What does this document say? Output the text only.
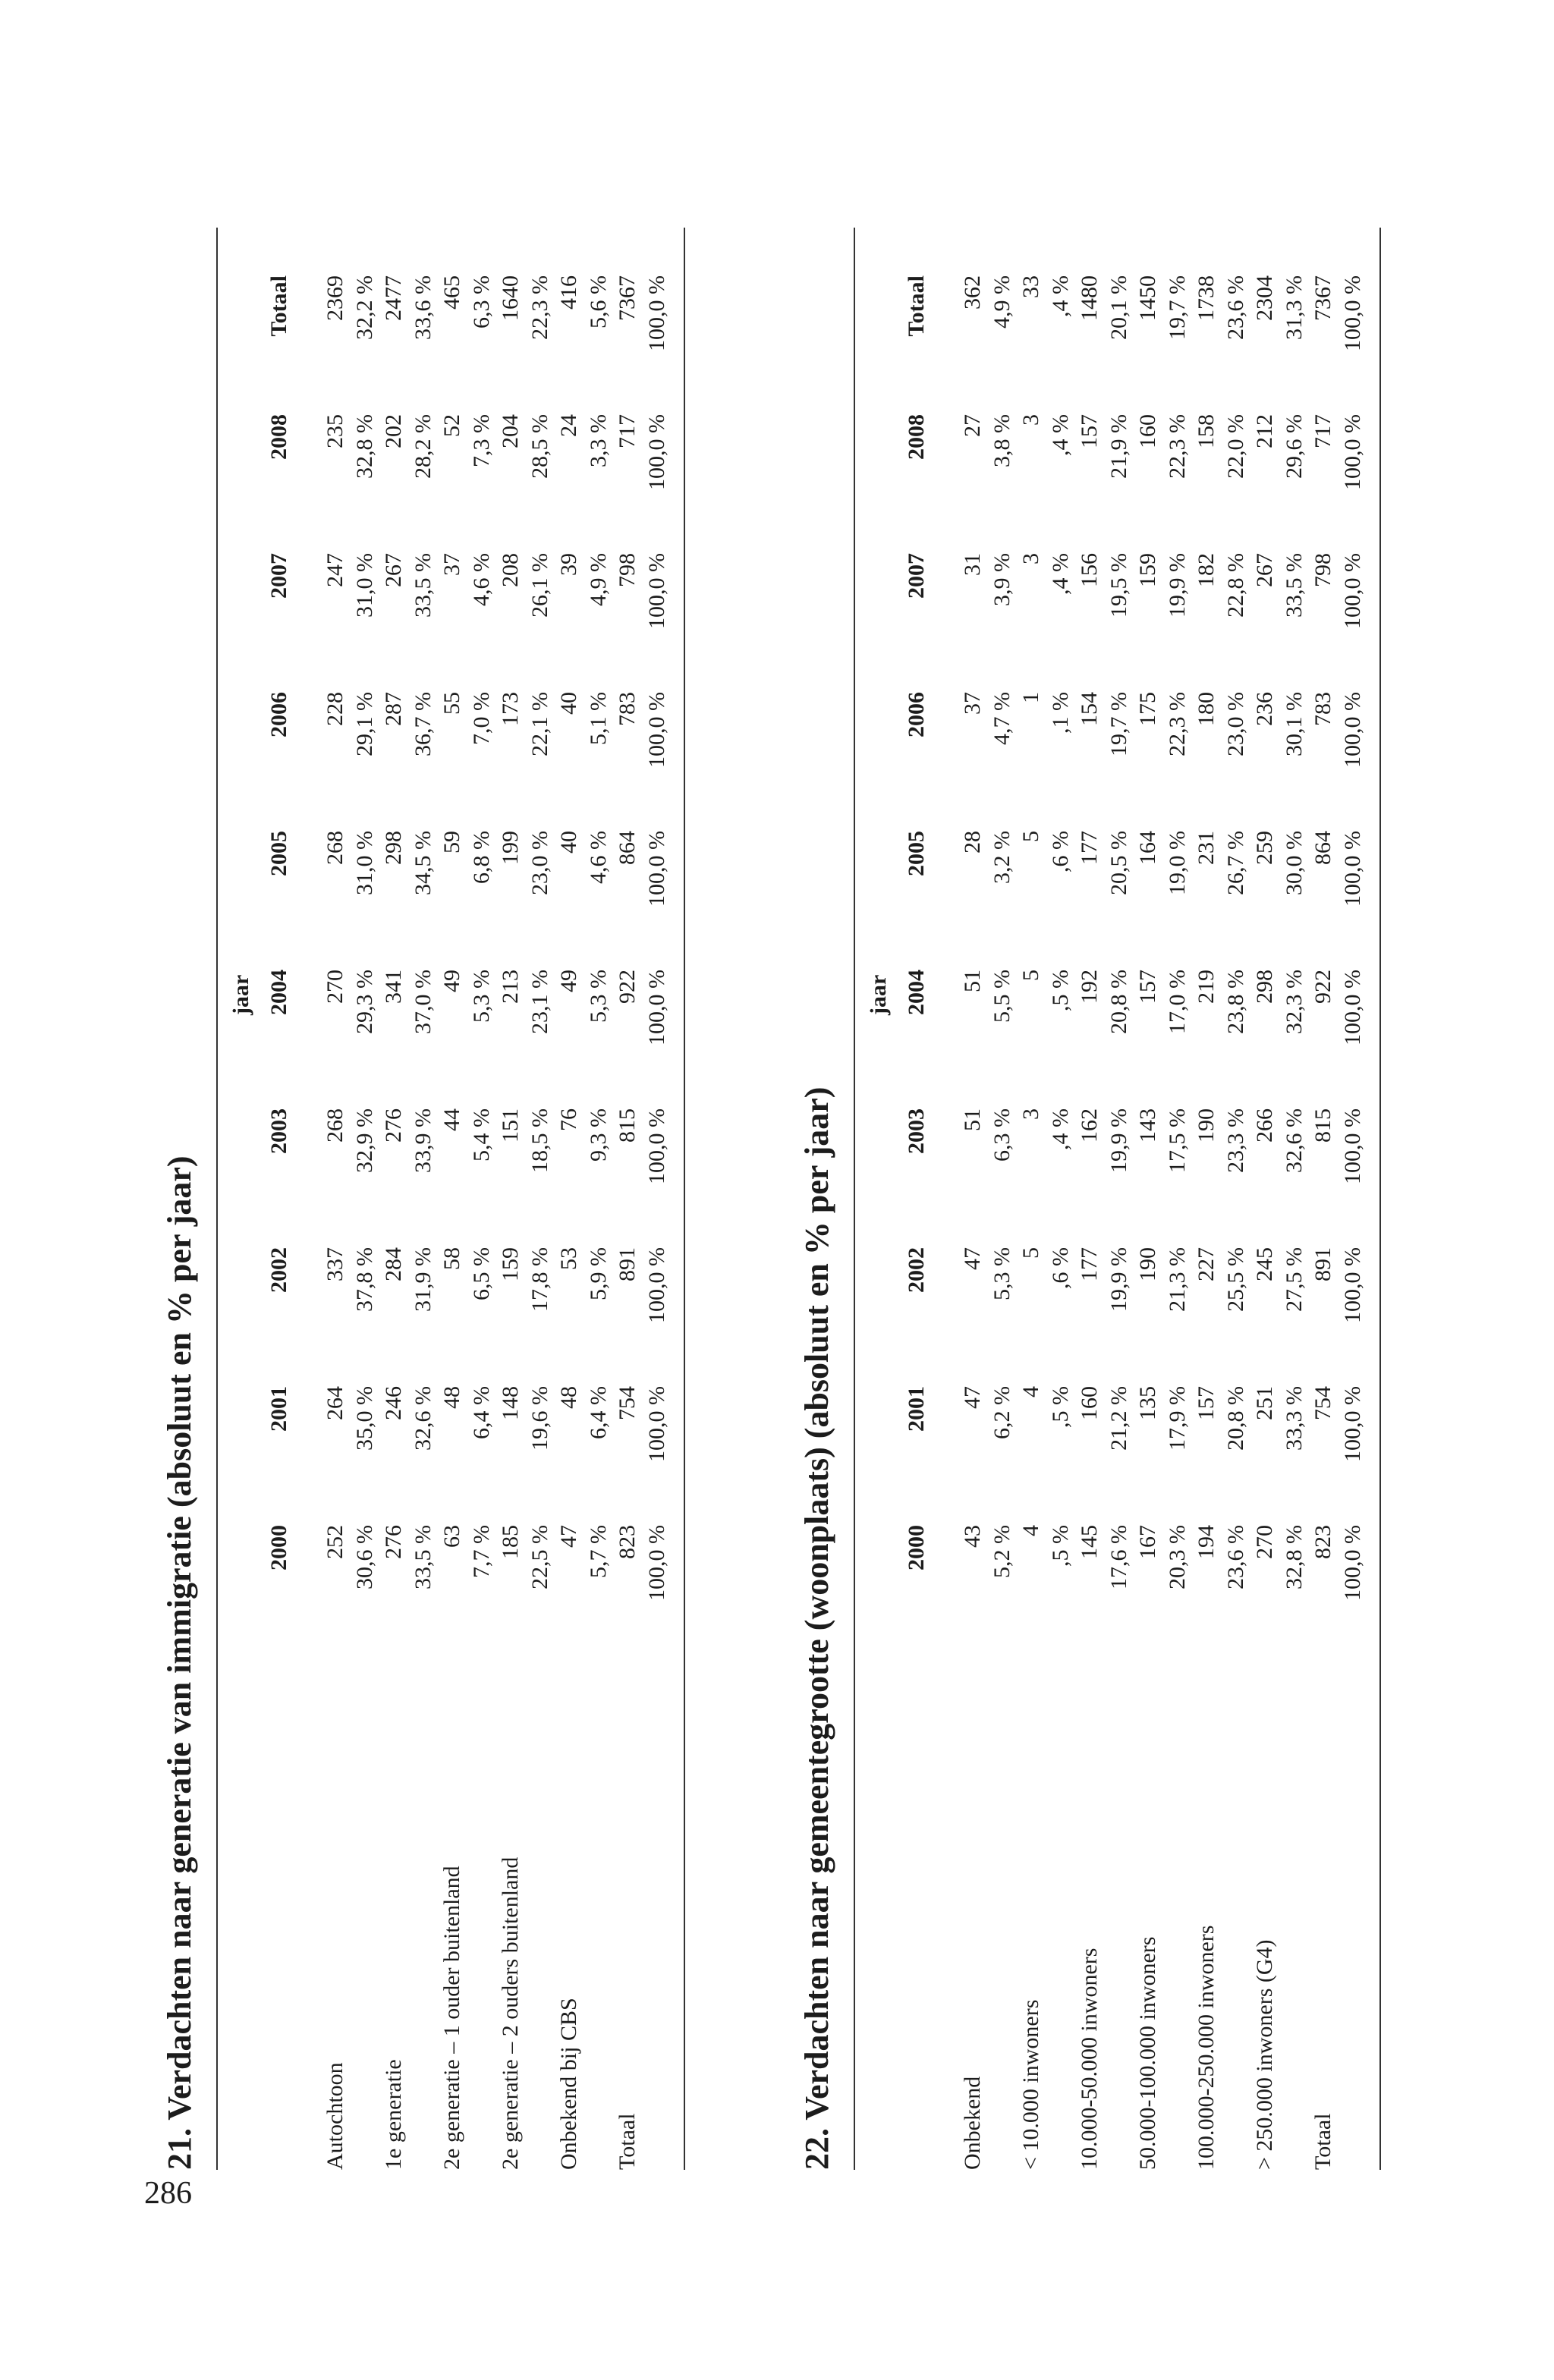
286
21. Verdachten naar generatie van immigratie (absoluut en % per jaar)
jaar
2000
2001
2002
2003
2004
2005
2006
2007
2008
Totaal
Autochtoon
252
264
337
268
270
268
228
247
235
2369
30,6 %
35,0 %
37,8 %
32,9 %
29,3 %
31,0 %
29,1 %
31,0 %
32,8 %
32,2 %
1e generatie
276
246
284
276
341
298
287
267
202
2477
33,5 %
32,6 %
31,9 %
33,9 %
37,0 %
34,5 %
36,7 %
33,5 %
28,2 %
33,6 %
2e generatie – 1 ouder buitenland
63
48
58
44
49
59
55
37
52
465
7,7 %
6,4 %
6,5 %
5,4 %
5,3 %
6,8 %
7,0 %
4,6 %
7,3 %
6,3 %
2e generatie – 2 ouders buitenland
185
148
159
151
213
199
173
208
204
1640
22,5 %
19,6 %
17,8 %
18,5 %
23,1 %
23,0 %
22,1 %
26,1 %
28,5 %
22,3 %
Onbekend bij CBS
47
48
53
76
49
40
40
39
24
416
5,7 %
6,4 %
5,9 %
9,3 %
5,3 %
4,6 %
5,1 %
4,9 %
3,3 %
5,6 %
Totaal
823
754
891
815
922
864
783
798
717
7367
100,0 %
100,0 %
100,0 %
100,0 %
100,0 %
100,0 %
100,0 %
100,0 %
100,0 %
100,0 %
22. Verdachten naar gemeentegrootte (woonplaats) (absoluut en % per jaar)
jaar
2000
2001
2002
2003
2004
2005
2006
2007
2008
Totaal
Onbekend
43
47
47
51
51
28
37
31
27
362
5,2 %
6,2 %
5,3 %
6,3 %
5,5 %
3,2 %
4,7 %
3,9 %
3,8 %
4,9 %
< 10.000 inwoners
4
4
5
3
5
5
1
3
3
33
,5 %
,5 %
,6 %
,4 %
,5 %
,6 %
,1 %
,4 %
,4 %
,4 %
10.000-50.000 inwoners
145
160
177
162
192
177
154
156
157
1480
17,6 %
21,2 %
19,9 %
19,9 %
20,8 %
20,5 %
19,7 %
19,5 %
21,9 %
20,1 %
50.000-100.000 inwoners
167
135
190
143
157
164
175
159
160
1450
20,3 %
17,9 %
21,3 %
17,5 %
17,0 %
19,0 %
22,3 %
19,9 %
22,3 %
19,7 %
100.000-250.000 inwoners
194
157
227
190
219
231
180
182
158
1738
23,6 %
20,8 %
25,5 %
23,3 %
23,8 %
26,7 %
23,0 %
22,8 %
22,0 %
23,6 %
> 250.000 inwoners (G4)
270
251
245
266
298
259
236
267
212
2304
32,8 %
33,3 %
27,5 %
32,6 %
32,3 %
30,0 %
30,1 %
33,5 %
29,6 %
31,3 %
Totaal
823
754
891
815
922
864
783
798
717
7367
100,0 %
100,0 %
100,0 %
100,0 %
100,0 %
100,0 %
100,0 %
100,0 %
100,0 %
100,0 %
